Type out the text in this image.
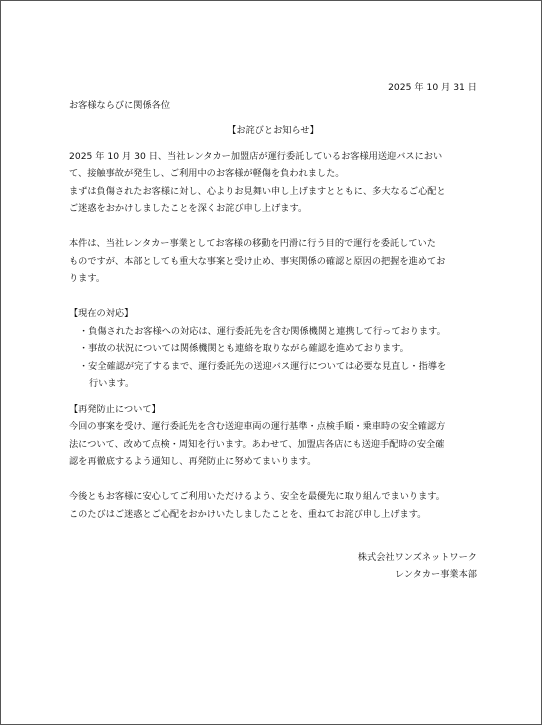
2025 年 10 月 31 日
お客様ならびに関係各位
【お詫びとお知らせ】
2025 年 10 月 30 日、当社レンタカー加盟店が運行委託しているお客様用送迎バスにおい
て、接触事故が発生し、ご利用中のお客様が軽傷を負われました。
まずは負傷されたお客様に対し、心よりお見舞い申し上げますとともに、多大なるご心配と
ご迷惑をおかけしましたことを深くお詫び申し上げます。
本件は、当社レンタカー事業としてお客様の移動を円滑に行う目的で運行を委託していた
ものですが、本部としても重大な事案と受け止め、事実関係の確認と原因の把握を進めてお
ります。
【現在の対応】
・負傷されたお客様への対応は、運行委託先を含む関係機関と連携して行っております。
・事故の状況については関係機関とも連絡を取りながら確認を進めております。
・安全確認が完了するまで、運行委託先の送迎バス運行については必要な見直し・指導を
行います。
【再発防止について】
今回の事案を受け、運行委託先を含む送迎車両の運行基準・点検手順・乗車時の安全確認方
法について、改めて点検・周知を行います。あわせて、加盟店各店にも送迎手配時の安全確
認を再徹底するよう通知し、再発防止に努めてまいります。
今後ともお客様に安心してご利用いただけるよう、安全を最優先に取り組んでまいります。
このたびはご迷惑とご心配をおかけいたしましたことを、重ねてお詫び申し上げます。
株式会社ワンズネットワーク
レンタカー事業本部
